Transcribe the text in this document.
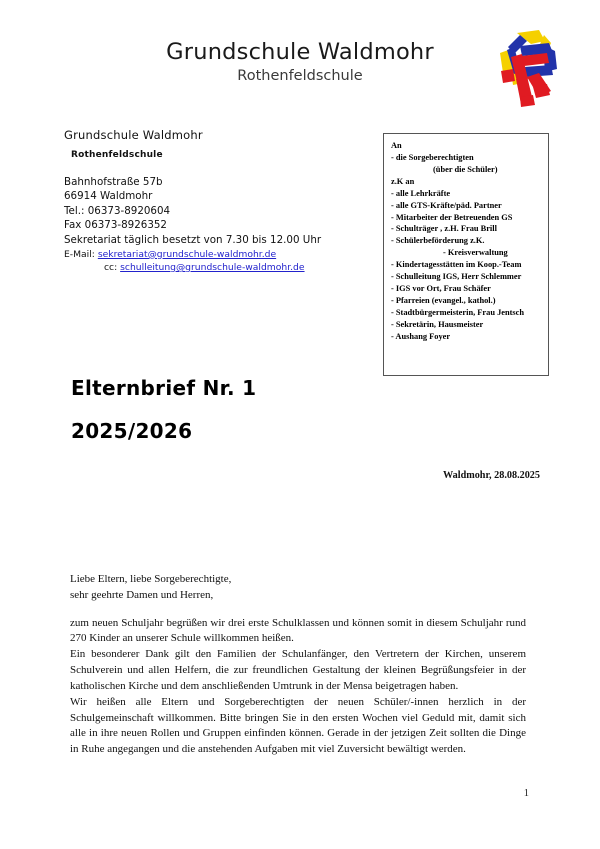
Grundschule Waldmohr
Rothenfeldschule
Grundschule Waldmohr
Rothenfeldschule
Bahnhofstraße 57b
66914 Waldmohr
Tel.: 06373-8920604
Fax 06373-8926352
Sekretariat täglich besetzt von 7.30 bis 12.00 Uhr
E-Mail: sekretariat@grundschule-waldmohr.de
cc: schulleitung@grundschule-waldmohr.de
An
- die Sorgeberechtigten
(über die Schüler)
z.K an
- alle Lehrkräfte
- alle GTS-Kräfte/päd. Partner
- Mitarbeiter der Betreuenden GS
- Schulträger , z.H. Frau Brill
- Schülerbeförderung z.K.
- Kreisverwaltung
- Kindertagesstätten im Koop.-Team
- Schulleitung IGS, Herr Schlemmer
- IGS vor Ort, Frau Schäfer
- Pfarreien (evangel., kathol.)
- Stadtbürgermeisterin, Frau Jentsch
- Sekretärin, Hausmeister
- Aushang Foyer
Elternbrief Nr. 1
2025/2026
Waldmohr, 28.08.2025
Liebe Eltern, liebe Sorgeberechtigte,
sehr geehrte Damen und Herren,
zum neuen Schuljahr begrüßen wir drei erste Schulklassen und können somit in diesem Schuljahr rund 270 Kinder an unserer Schule willkommen heißen.
Ein besonderer Dank gilt den Familien der Schulanfänger, den Vertretern der Kirchen, unserem Schulverein und allen Helfern, die zur freundlichen Gestaltung der kleinen Begrüßungsfeier in der katholischen Kirche und dem anschließenden Umtrunk in der Mensa beigetragen haben.
Wir heißen alle Eltern und Sorgeberechtigten der neuen Schüler/-innen herzlich in der Schulgemeinschaft willkommen. Bitte bringen Sie in den ersten Wochen viel Geduld mit, damit sich alle in ihre neuen Rollen und Gruppen einfinden können. Gerade in der jetzigen Zeit sollten die Dinge in Ruhe angegangen und die anstehenden Aufgaben mit viel Zuversicht bewältigt werden.
1
